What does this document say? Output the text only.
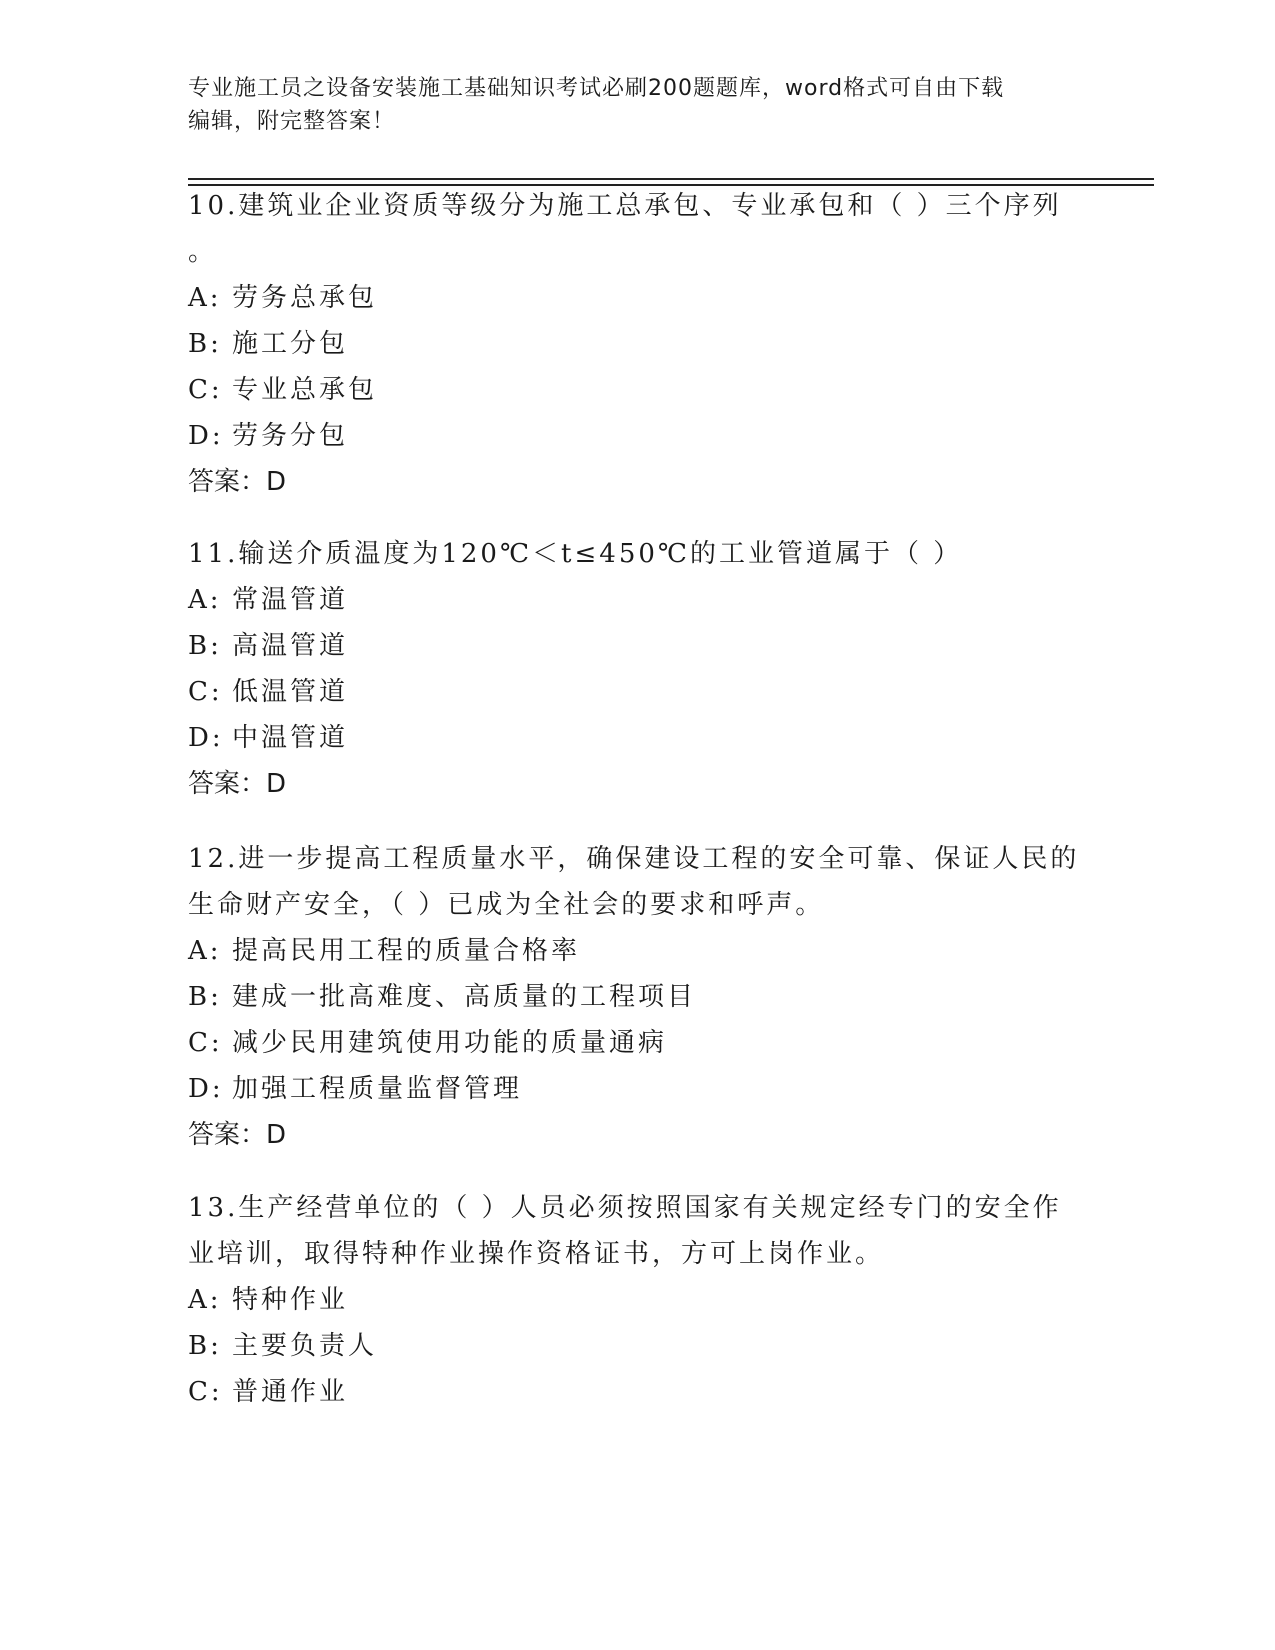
专业施工员之设备安装施工基础知识考试必刷200题题库，word格式可自由下载
编辑，附完整答案！

10.建筑业企业资质等级分为施工总承包、专业承包和（ ）三个序列

。

A: 劳务总承包

B: 施工分包

C: 专业总承包

D: 劳务分包

答案：D

11.输送介质温度为120℃＜t≤450℃的工业管道属于（ ）

A: 常温管道

B: 高温管道

C: 低温管道

D: 中温管道

答案：D

12.进一步提高工程质量水平，确保建设工程的安全可靠、保证人民的

生命财产安全，（ ）已成为全社会的要求和呼声。

A: 提高民用工程的质量合格率

B: 建成一批高难度、高质量的工程项目

C: 减少民用建筑使用功能的质量通病

D: 加强工程质量监督管理

答案：D

13.生产经营单位的（ ）人员必须按照国家有关规定经专门的安全作

业培训，取得特种作业操作资格证书，方可上岗作业。

A: 特种作业

B: 主要负责人

C: 普通作业
